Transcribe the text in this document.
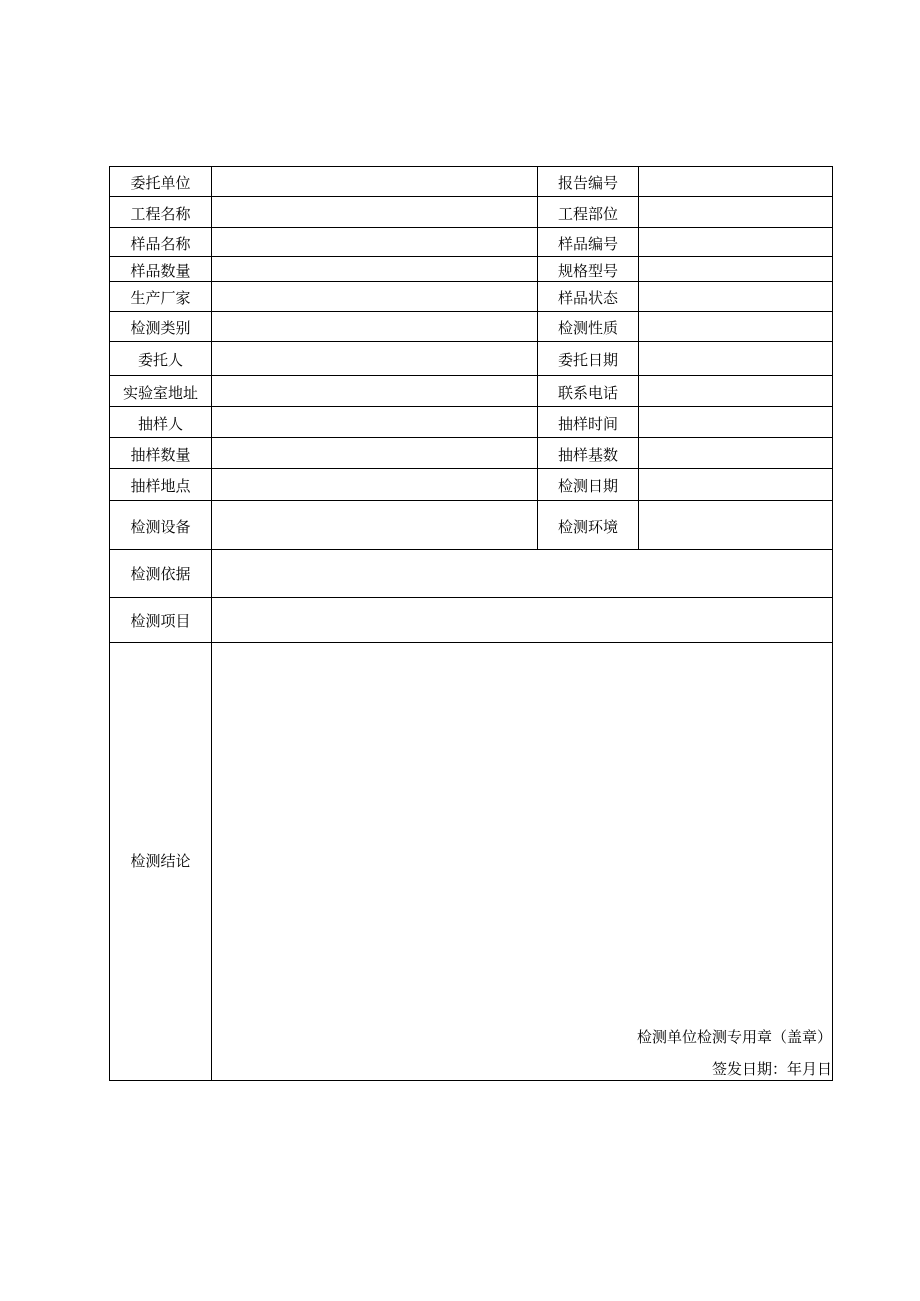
委托单位	报告编号
工程名称	工程部位
样品名称	样品编号
样品数量	规格型号
生产厂家	样品状态
检测类别	检测性质
委托人	委托日期
实验室地址	联系电话
抽样人	抽样时间
抽样数量	抽样基数
抽样地点	检测日期
检测设备	检测环境
检测依据
检测项目
检测结论
检测单位检测专用章（盖章）
签发日期：年月日
